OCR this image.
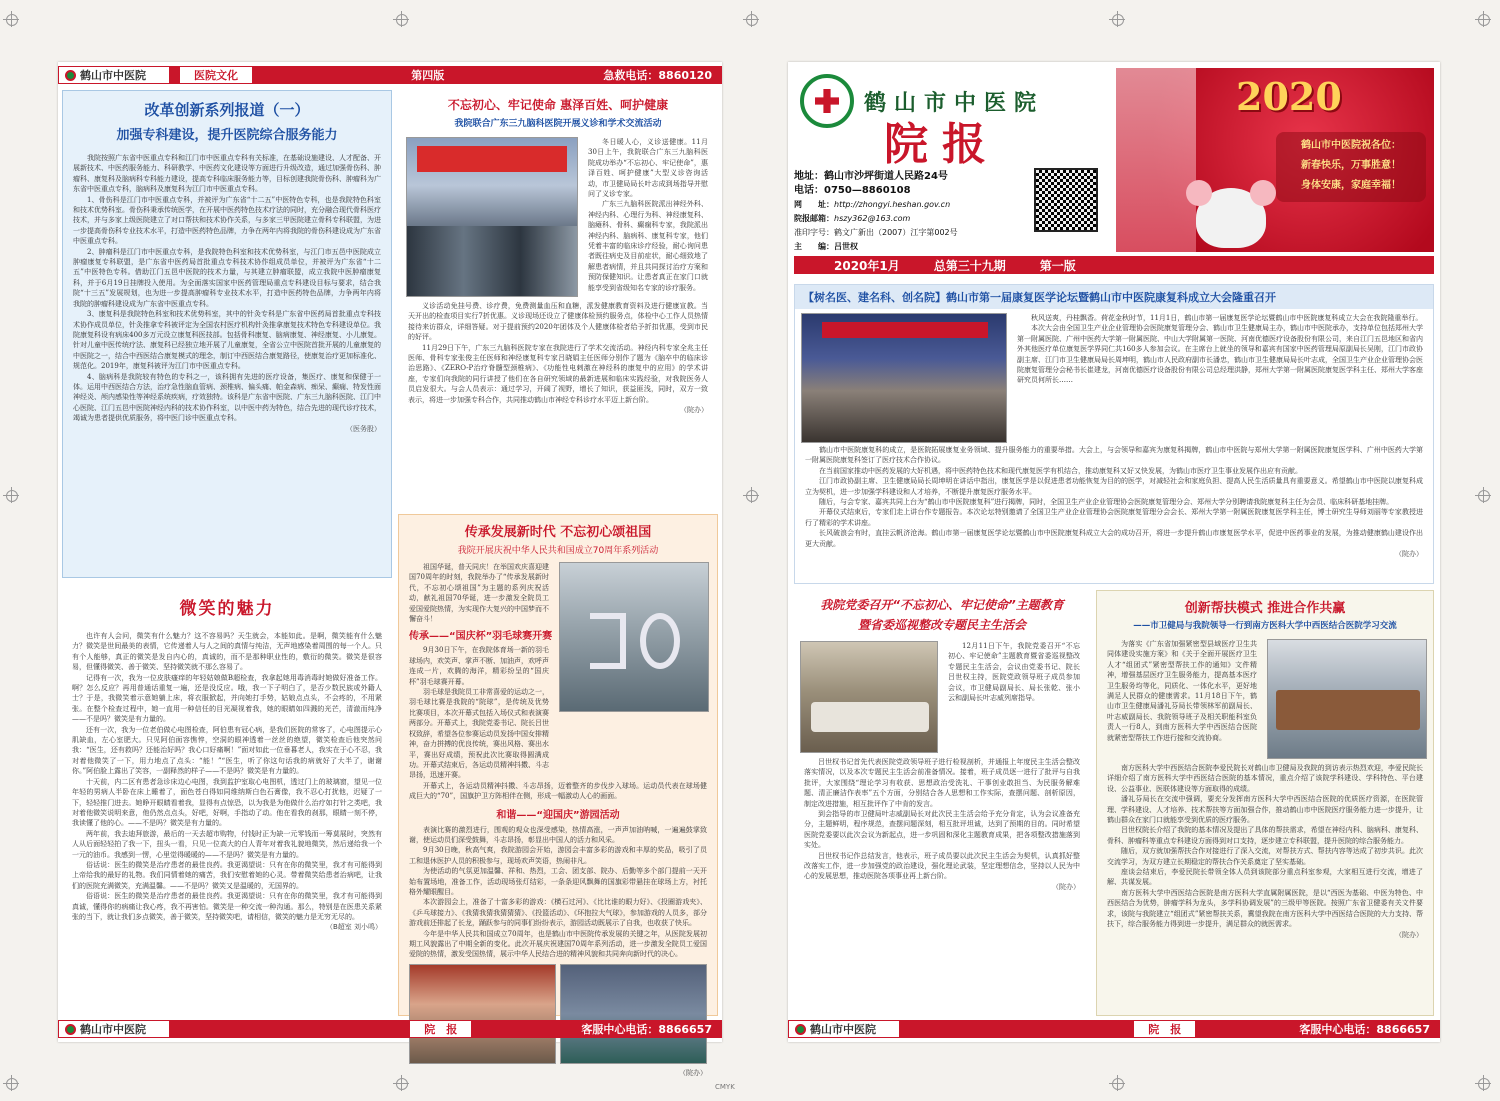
CMYK
鹤山市中医院	医院文化	第四版	急救电话：8860120
改革创新系列报道（一）
加强专科建设，提升医院综合服务能力

我院按照广东省中医重点专科和江门市中医重点专科有关标准，在基础设施建设、人才配备、开展新技术、中医药服务能力、科研教学、中医药文化建设等方面进行升级改造，通过加强骨伤科、肿瘤科、康复科及脑病科专科能力建设，提高专科临床服务能力等，目标创建我院骨伤科、肿瘤科为广东省中医重点专科，脑病科及康复科为江门市中医重点专科。

1、骨伤科是江门市中医重点专科，并被评为广东省“十二五”中医特色专科，也是我院特色科室和技术优势科室。骨伤科秉承传统医学，在开展中医药特色技术疗法的同时，充分融合现代骨科医疗技术，并与多家上级医院建立了对口帮扶和技术协作关系，与多家三甲医院建立骨科专科联盟，为进一步提高骨伤科专业技术水平，打造中医药特色品牌，力争在两年内将我院的骨伤科建设成为广东省中医重点专科。

2、肿瘤科是江门市中医重点专科，是我院特色科室和技术优势科室，与江门市五邑中医院成立肿瘤康复专科联盟，是广东省中医药局首批重点专科技术协作组成员单位，并被评为广东省“十二五”中医特色专科。借助江门五邑中医院的技术力量，与其建立肿瘤联盟，成立我院中医肿瘤康复科，并于6月19日挂牌投入使用。为全面落实国家中医药管理局重点专科建设目标与要求，结合我院“十三五”发展规划，也为进一步提高肿瘤科专业技术水平，打造中医药特色品牌，力争两年内将我院的肿瘤科建设成为广东省中医重点专科。

3、康复科是我院特色科室和技术优势科室，其中的针灸专科是广东省中医药局首批重点专科技术协作成员单位，针灸推拿专科被评定为全国农村医疗机构针灸推拿康复技术特色专科建设单位。我院康复科设有病床400多万元设立康复科医技部。包括骨科康复、脑病康复、神经康复、小儿康复。针对儿童中医传统疗法、康复科已经独立地开展了儿童康复，全省公立中医院首批开展的儿童康复的中医院之一，结合中西医结合康复模式的理念，制订中西医结合康复路径，使康复治疗更加标准化、规范化。2019年，康复科被评为江门市中医重点专科。

4、脑病科是我院较有特色的专科之一，该科拥有先进的医疗设备，集医疗、康复和保健于一体。运用中西医结合方法，治疗急性脑血管病、颈椎病、偏头痛、帕金森病、痴呆、癫痫、特发性面神经炎、颅内感染性等神经系统疾病，疗效独特。该科是广东省中医院、广东三九脑科医院、江门中心医院、江门五邑中医院神经内科的技术协作科室，以中医中药为特色，结合先进的现代诊疗技术，竭诚为患者提供优质服务，将中医门诊中医重点专科。

（医务股）
微笑的魅力

也许有人会问，微笑有什么魅力？这不容易吗？天生就会，本能如此。是啊，微笑能有什么魅力？微笑是世间最美的表情，它传递着人与人之间的真情与纯洁，无声地感染着周围的每一个人。只有个人能够，真正的微笑是发自内心的，真诚的，而不是那种职业性的，敷衍的微笑。微笑是很容易，但懂得微笑、善于微笑、坚持微笑就不那么容易了。

记得有一次，我为一位皮肤瘙痒的年轻姑娘做B超检查，我拿起她用毒消毒时她做好准备工作。啊？怎么反应？再用普通话重复一遍，还是没反应。哦，我一下子明白了，是否少数民族或外籍人士？于是，我微笑着示意她躺上床，将衣服掀起，并向她打手势，姑娘点点头，不会疼的，不用紧张。在整个检查过程中，她一直用一种信任的目光凝视着我，她的眼睛如四溅的光芒，清澈而纯净——不是吗？微笑是有力量的。

还有一次，我为一位老伯做心电图检查，阿伯患有冠心病，是我们医院的常客了，心电图提示心肌缺血，左心室肥大。只见阿伯面容憔悴，空洞的眼神透着一丝丝的绝望，微笑检查后他突然问我：“医生，还有救吗？还能治好吗？我心口好痛啊！”面对如此一位垂暮老人，我实在于心不忍，我对着他微笑了一下，用力地点了点头：“能！”“医生，听了你这句话我的病就好了大半了，谢谢你。”阿伯脸上露出了笑容，一副释然的样子——不是吗？微笑是有力量的。

十天前，内二区有患者急诊床边心电图，我到监护室取心电图机，透过门上的玻璃窗，望见一位年轻的男病人半卧在床上睡着了，面色苍白得如同维纳斯白色石膏像，我不忍心打扰他，迟疑了一下，轻轻推门进去。她睁开眼睛看着我，显得有点惊恐，以为我是为他做什么治疗如打针之类吧，我对着他微笑说明来意，他仍然点点头，好吧，好啊，手指动了动。他在看我的刹那，眼睛一刻不停，我读懂了他的心。——不是吗？微笑是有力量的。

两年前，我去迪拜旅游，最后的一天去超市购物，付钱时正为缺一元零钱而一筹莫展时，突然有人从后面轻轻拍了我一下，扭头一看，只见一位高大的白人青年对着我礼貌地微笑，然后递给我一个一元的油币。我感到一愣，心里觉得暖暖的——不是吗？微笑是有力量的。

俗话说：医生的微笑是治疗患者的最佳良药。我更渴望说：只有在你的微笑里，我才有可能得到上帝给我的最好的礼物。我们同情着她的痛苦，我们安慰着她的心灵。带着微笑给患者治病吧，让我们的医院充满微笑，充满温馨。——不是吗？微笑又是温暖的，无国界的。

俗语说：医生的微笑是治疗患者的最佳良药。我更渴望说：只有在你的微笑里，我才有可能得到真诚，懂得你的病痛让我心疼，我不再害怕。微笑是一种交流一种沟通。那么，特别是在医患关系紧张的当下，就让我们多点微笑，善于微笑，坚持微笑吧，请相信，微笑的魅力是无穷无尽的。

（B超室 刘小鸣）
不忘初心、牢记使命 惠泽百姓、呵护健康
我院联合广东三九脑科医院开展义诊和学术交流活动

冬日暖人心，义诊送健康。11月30日上午，我院联合广东三九脑科医院成功举办“不忘初心、牢记使命”，惠泽百姓、呵护健康”大型义诊咨询活动，市卫健局局长叶志成到场指导并慰问了义诊专家。

广东三九脑科医院派出神经外科、神经内科、心理行为科、神经康复科、脑瘫科、骨科、癫痫科专家，我院派出神经内科、脑病科、康复科专家，他们凭着丰富的临床诊疗经验，耐心询问患者既往病史及目前症状，耐心细致地了解患者病情，并且共同探讨治疗方案和预防保健知识。让患者真正在家门口就能享受到省级知名专家的诊疗服务。

义诊活动免挂号费、诊疗费，免费测量血压和血糖，派发健康教育资料及进行健康宣教。当天开出的检查项目实行7折优惠。义诊现场还设立了健康体检预约服务点，体检中心工作人员热情接待来访群众，详细答疑。对于提前预约2020年团体及个人健康体检者给予折扣优惠，受到市民的好评。

11月29日下午，广东三九脑科医院专家在我院进行了学术交流活动。神经内科专家全兆主任医师、骨科专家张俊主任医师和神经康复科专家吕晓娟主任医师分别作了题为《脑卒中的临床诊治思路》、《ZERO-P治疗脊髓型颈椎病》、《功能性电刺激在神经科的康复中的应用》的学术讲座，专家们向我院的同行讲授了他们在各自研究领域的最新进展和临床实践经验，对我院医务人员启发很大。与会人员表示：通过学习，开阔了视野，增长了知识，获益匪浅，同时，双方一致表示，将进一步加强专科合作，共同推动鹤山市神经专科诊疗水平迈上新台阶。

（院办）
传承发展新时代 不忘初心颂祖国
我院开展庆祝中华人民共和国成立70周年系列活动

祖国华诞，普天同庆！在举国欢庆喜迎建国70周年的时刻，我院举办了“传承发展新时代，不忘初心颂祖国”为主题的系列庆祝活动，献礼祖国70华诞，进一步激发全院员工爱国爱院热情，为实现作大复兴的中国梦而不懈奋斗！

传承——“国庆杯”羽毛球赛开赛

9月30日下午，在我院体育场一新的羽毛球场内，欢笑声、掌声不断、加油声，欢呼声连成一片，欢腾的海洋，精彩纷呈的“国庆杯”羽毛球赛开幕。

羽毛球是我院员工非常喜爱的运动之一，羽毛球比赛是我院的“院球”，是传统及优势比赛项目，本次开幕式包括入场仪式和表演赛两部分。开幕式上，我院党委书记、院长吕世权致辞，希望各位参赛运动员发扬中国女排精神，奋力拼搏的优良传统，赛出风格、赛出水平，赛出好成绩，预祝此次比赛取得圆满成功。开幕式结束后，各运动员精神抖擞、斗志昂扬，迅速开赛。

开幕式上，各运动员精神抖擞、斗志昂扬，迈着整齐的步伐步入球场。运动员代表在球场健成巨大的“70”，国旗护卫方阵相伴在侧，形成一幅激动人心的画面。

和谐——“迎国庆”游园活动

表演比赛的激烈进行，围观的观众也深受感染，热情高涨，一声声加油呐喊，一遍遍鼓掌致谢，使运动员们深受鼓舞，斗志昂扬，彰显出中国人的活力和风采。

9月30日晚，秋高气爽，我院游园会开始，游园会丰富多彩的游戏和丰厚的奖品，吸引了员工和退休医护人员的积极参与，现场欢声笑语，热闹非凡。

为使活动的气氛更加温馨、祥和、热烈，工会、团支部、院办、后勤等多个部门提前一天开始布置场地，准备工作，活动现场张灯结彩，一条条迎风飘舞的国旗彩带悬挂在球场上方，衬托格外耀眼醒目。

本次游园会上，准备了十富多彩的游戏：《横石过河》、《比比谁的眼力好》、《投圈游戏夹》、《乒乓球接力》、《我猜我猜我猜猜猜》、《投篮活动》、《环抱拉大气球》，参加游戏的人员多，部分游戏前还排起了长龙，踊跃参与的同事们纷纷表示，游园活动既展示了自我，也收获了快乐。

今年是中华人民共和国成立70周年，也是鹤山市中医院传承发展的关键之年，从医院发展初期工风貌露出了中期全新的变化。此次开展庆祝建国70周年系列活动，进一步激发全院员工爱国爱院的热情，激发受国热情，展示中华人民结合进的精神风貌和共同奔向新时代的决心。

（院办）
鹤山市中医院	院　报	客服中心电话：8866657
鹤山市中医院
院报
地址：鹤山市沙坪街道人民路24号
电话：0750—8860108
网　　址：http://zhongyi.heshan.gov.cn
院报邮箱：hszy362@163.com
准印字号：鹤文广新出（2007）江字第002号
主　　编：吕世权
2020
鹤山市中医院祝各位：
新春快乐，万事胜意！
身体安康，家庭幸福！
2020年1月	总第三十九期	第一版
【树名医、建名科、创名院】鹤山市第一届康复医学论坛暨鹤山市中医院康复科成立大会隆重召开

秋风送爽，丹桂飘香。荷花金秋时节，11月1日，鹤山市第一届康复医学论坛暨鹤山市中医院康复科成立大会在我院隆重举行。

本次大会由全国卫生产业企业管理协会医院康复管理分会、鹤山市卫生健康局主办，鹤山市中医院承办，支持单位包括郑州大学第一附属医院、广州中医药大学第一附属医院、中山大学附属第一医院、河南优德医疗设备股份有限公司，来自江门五邑地区和省内外其他医疗单位康复医学界同仁共160多人参加会议。在主席台上就坐的领导和嘉宾有国家中医药管理局原副局长吴刚，江门市政协副主席、江门市卫生健康局局长周坤明，鹤山市人民政府副市长潘忠，鹤山市卫生健康局局长叶志成，全国卫生产业企业管理协会医院康复管理分会秘书长崔建龙，河南优德医疗设备股份有限公司总经理洪静，郑州大学第一附属医院康复医学科主任、郑州大学客座研究员何所长……

鹤山市中医院康复科的成立，是医院拓展康复业务领域、提升服务能力的重要举措。大会上，与会领导和嘉宾为康复科揭牌，鹤山市中医院与郑州大学第一附属医院康复医学科、广州中医药大学第一附属医院康复科签订了医疗技术合作协议。

在当前国家推动中医药发展的大好机遇，将中医药特色技术和现代康复医学有机结合，推动康复科又好又快发展，为鹤山市医疗卫生事业发展作出应有贡献。

江门市政协副主席、卫生健康局局长周坤明在讲话中指出，康复医学是以促进患者功能恢复为目的的医学，对减轻社会和家庭负担、提高人民生活质量具有重要意义。希望鹤山市中医院以康复科成立为契机，进一步加强学科建设和人才培养，不断提升康复医疗服务水平。

随后，与会专家、嘉宾共同上台为“鹤山市中医院康复科”进行揭牌，同时，全国卫生产业企业管理协会医院康复管理分会、郑州大学分别聘请我院康复科主任为会员、临床科研基地挂牌。

开幕仪式结束后，专家们走上讲台作专题报告。本次论坛特别邀请了全国卫生产业企业管理协会医院康复管理分会会长、郑州大学第一附属医院康复医学科主任，博士研究生导师刘丽等专家教授进行了精彩的学术讲座。

长风破浪会有时，直挂云帆济沧海。鹤山市第一届康复医学论坛暨鹤山市中医院康复科成立大会的成功召开，将进一步提升鹤山市康复医学水平，促进中医药事业的发展，为推动健康鹤山建设作出更大贡献。

（院办）
我院党委召开“不忘初心、牢记使命”主题教育
暨省委巡视整改专题民主生活会

12月11日下午，我院党委召开“不忘初心、牢记使命”主题教育暨省委巡视整改专题民主生活会，会议由党委书记、院长吕世权主持，医院党政领导班子成员参加会议，市卫健局副局长、局长张乾、张小云和副局长叶志威列席指导。

吕世权书记首先代表医院党政领导班子进行检视剖析，并通报上年度民主生活会整改落实情况，以及本次专题民主生活会前准备情况。接着，班子成员逐一进行了批评与自我批评，大家围绕“理论学习有收获、思想政治受洗礼、干事创业敢担当、为民服务解难题、清正廉洁作表率”五个方面，分别结合各人思想和工作实际，查摆问题、剖析原因，制定改进措施，相互批评作了中肯的发言。

到会指导的市卫健局叶志威副局长对此次民主生活会给予充分肯定，认为会议准备充分，主题鲜明，程序规范，查摆问题深刻，相互批评坦诚，达到了预期的目的。同时希望医院党委要以此次会议为新起点，进一步巩固和深化主题教育成果，把各项整改措施落到实处。

吕世权书记作总结发言，他表示，班子成员要以此次民主生活会为契机，认真抓好整改落实工作，进一步加强党的政治建设，强化理论武装，坚定理想信念，坚持以人民为中心的发展思想，推动医院各项事业再上新台阶。

（院办）
创新帮扶模式 推进合作共赢
——市卫健局与我院领导一行到南方医科大学中西医结合医院学习交流

为落实《广东省加强紧密型县域医疗卫生共同体建设实施方案》和《关于全面开展医疗卫生人才“组团式”紧密型帮扶工作的通知》文件精神，增强基层医疗卫生服务能力，提高基本医疗卫生服务均等化，同质化、一体化水平，更好地满足人民群众的健康需求。11月18日下午，鹤山市卫生健康局潘礼芬局长带领林军前副局长、叶志威副局长、我院领导班子及相关职能科室负责人一行8人，到南方医科大学中西医结合医院就紧密型帮扶工作进行接和交流协商。

南方医科大学中西医结合医院李爱民院长对鹤山市卫健局及我院的到访表示热烈欢迎，李爱民院长详细介绍了南方医科大学中西医结合医院的基本情况，重点介绍了该院学科建设、学科特色、平台建设、公益事业、医联体建设等方面取得的成绩。

潘礼芬局长在交流中强调，要充分发挥南方医科大学中西医结合医院的优质医疗资源，在医院管理、学科建设、人才培养、技术帮扶等方面加强合作，推动鹤山市中医院医疗服务能力进一步提升，让鹤山群众在家门口就能享受到优质的医疗服务。

吕世权院长介绍了我院的基本情况及提出了具体的帮扶需求，希望在神经内科、脑病科、康复科、骨科、肿瘤科等重点专科建设方面得到对口支持，逐步建立专科联盟，提升医院的综合服务能力。

随后，双方就加强帮扶合作对接进行了深入交流，对帮扶方式、帮扶内容等达成了初步共识。此次交流学习，为双方建立长期稳定的帮扶合作关系奠定了坚实基础。

座谈会结束后，李爱民院长带领全体人员到该院部分重点科室参观，大家相互进行交流，增进了解、共谋发展。

南方医科大学中西医结合医院是南方医科大学直属附属医院，是以“西医为基础、中医为特色、中西医结合为优势，肿瘤学科为龙头，多学科协调发展”的三级甲等医院。按照广东省卫健委有关文件要求，该院与我院建立“组团式”紧密帮扶关系，冀望我院在南方医科大学中西医结合医院的大力支持、帮扶下，综合服务能力得到进一步提升，满足群众的就医需求。

（院办）
鹤山市中医院	院　报	客服中心电话：8866657
